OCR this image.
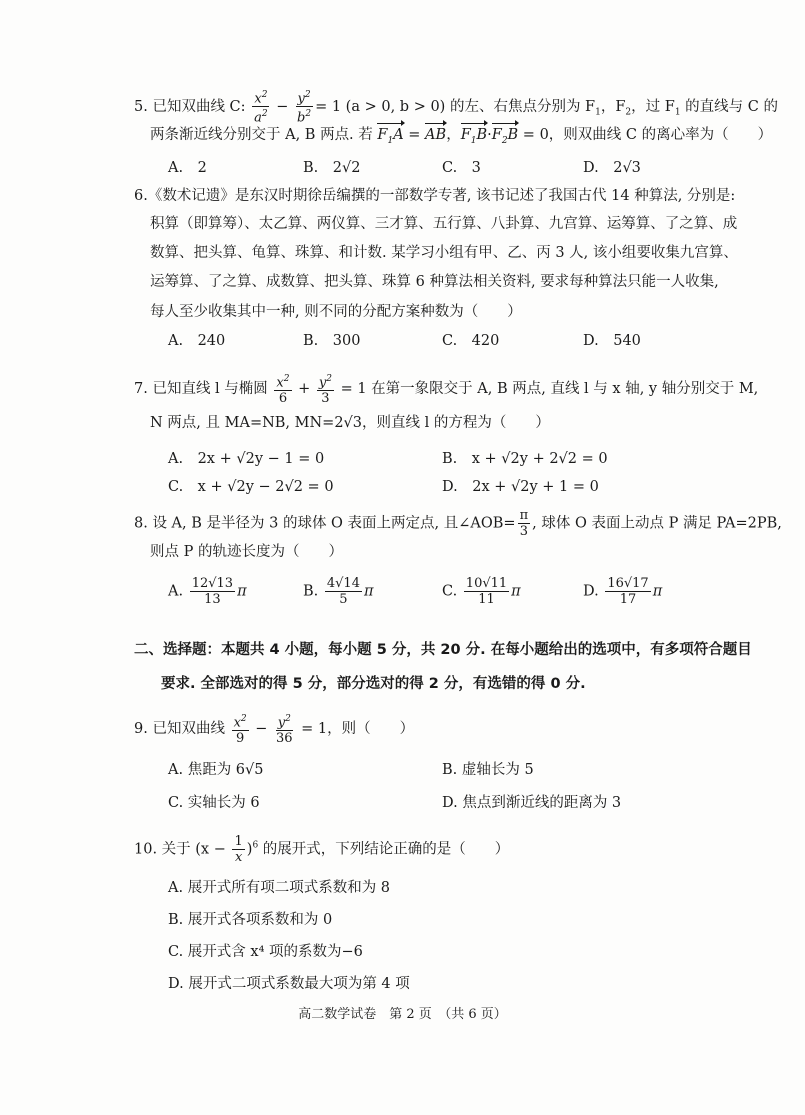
5. 已知双曲线 C: $\frac{x^2}{a^2} - \frac{y^2}{b^2} = 1$ (a > 0, b > 0) 的左、右焦点分别为 $F_1$，$F_2$，过 $F_1$ 的直线与 C 的
两条渐近线分别交于 A, B 两点. 若 $F_1A$ = AB，$F_1B\cdot F_2B = 0$，则双曲线 C 的离心率为（　　）
A.　2	B.　2√2	C.　3	D.　2√3
6.《数术记遗》是东汉时期徐岳编撰的一部数学专著, 该书记述了我国古代 14 种算法, 分别是:
积算（即算筹）、太乙算、两仪算、三才算、五行算、八卦算、九宫算、运筹算、了之算、成
数算、把头算、龟算、珠算、和计数. 某学习小组有甲、乙、丙 3 人, 该小组要收集九宫算、
运筹算、了之算、成数算、把头算、珠算 6 种算法相关资料, 要求每种算法只能一人收集,
每人至少收集其中一种, 则不同的分配方案种数为（　　）
A.　240	B.　300	C.　420	D.　540
7. 已知直线 l 与椭圆 $\frac{x^2}{6} + \frac{y^2}{3} = 1$ 在第一象限交于 A, B 两点, 直线 l 与 x 轴, y 轴分别交于 M,
N 两点, 且 MA=NB, MN=2√3，则直线 l 的方程为（　　）
A.　2x + √2y − 1 = 0	B.　x + √2y + 2√2 = 0
C.　x + √2y − 2√2 = 0	D.　2x + √2y + 1 = 0
8. 设 A, B 是半径为 3 的球体 O 表面上两定点, 且∠AOB= $\frac{\pi}{3}$ , 球体 O 表面上动点 P 满足 PA=2PB,
则点 P 的轨迹长度为（　　）
A. $\frac{12√13}{13}$ π	B. $\frac{4√14}{5}$ π	C. $\frac{10√11}{11}$ π	D. $\frac{16√17}{17}$ π
二、选择题：本题共 4 小题，每小题 5 分，共 20 分. 在每小题给出的选项中，有多项符合题目
要求. 全部选对的得 5 分，部分选对的得 2 分，有选错的得 0 分.
9. 已知双曲线 $\frac{x^2}{9} - \frac{y^2}{36} = 1$，则（　　）
A. 焦距为 6√5	B. 虚轴长为 5
C. 实轴长为 6	D. 焦点到渐近线的距离为 3
10. 关于 $(x - \frac{1}{x} )^6$ 的展开式，下列结论正确的是（　　）
A. 展开式所有项二项式系数和为 8
B. 展开式各项系数和为 0
C. 展开式含 x⁴ 项的系数为−6
D. 展开式二项式系数最大项为第 4 项
高二数学试卷　第 2 页　（共 6 页）
